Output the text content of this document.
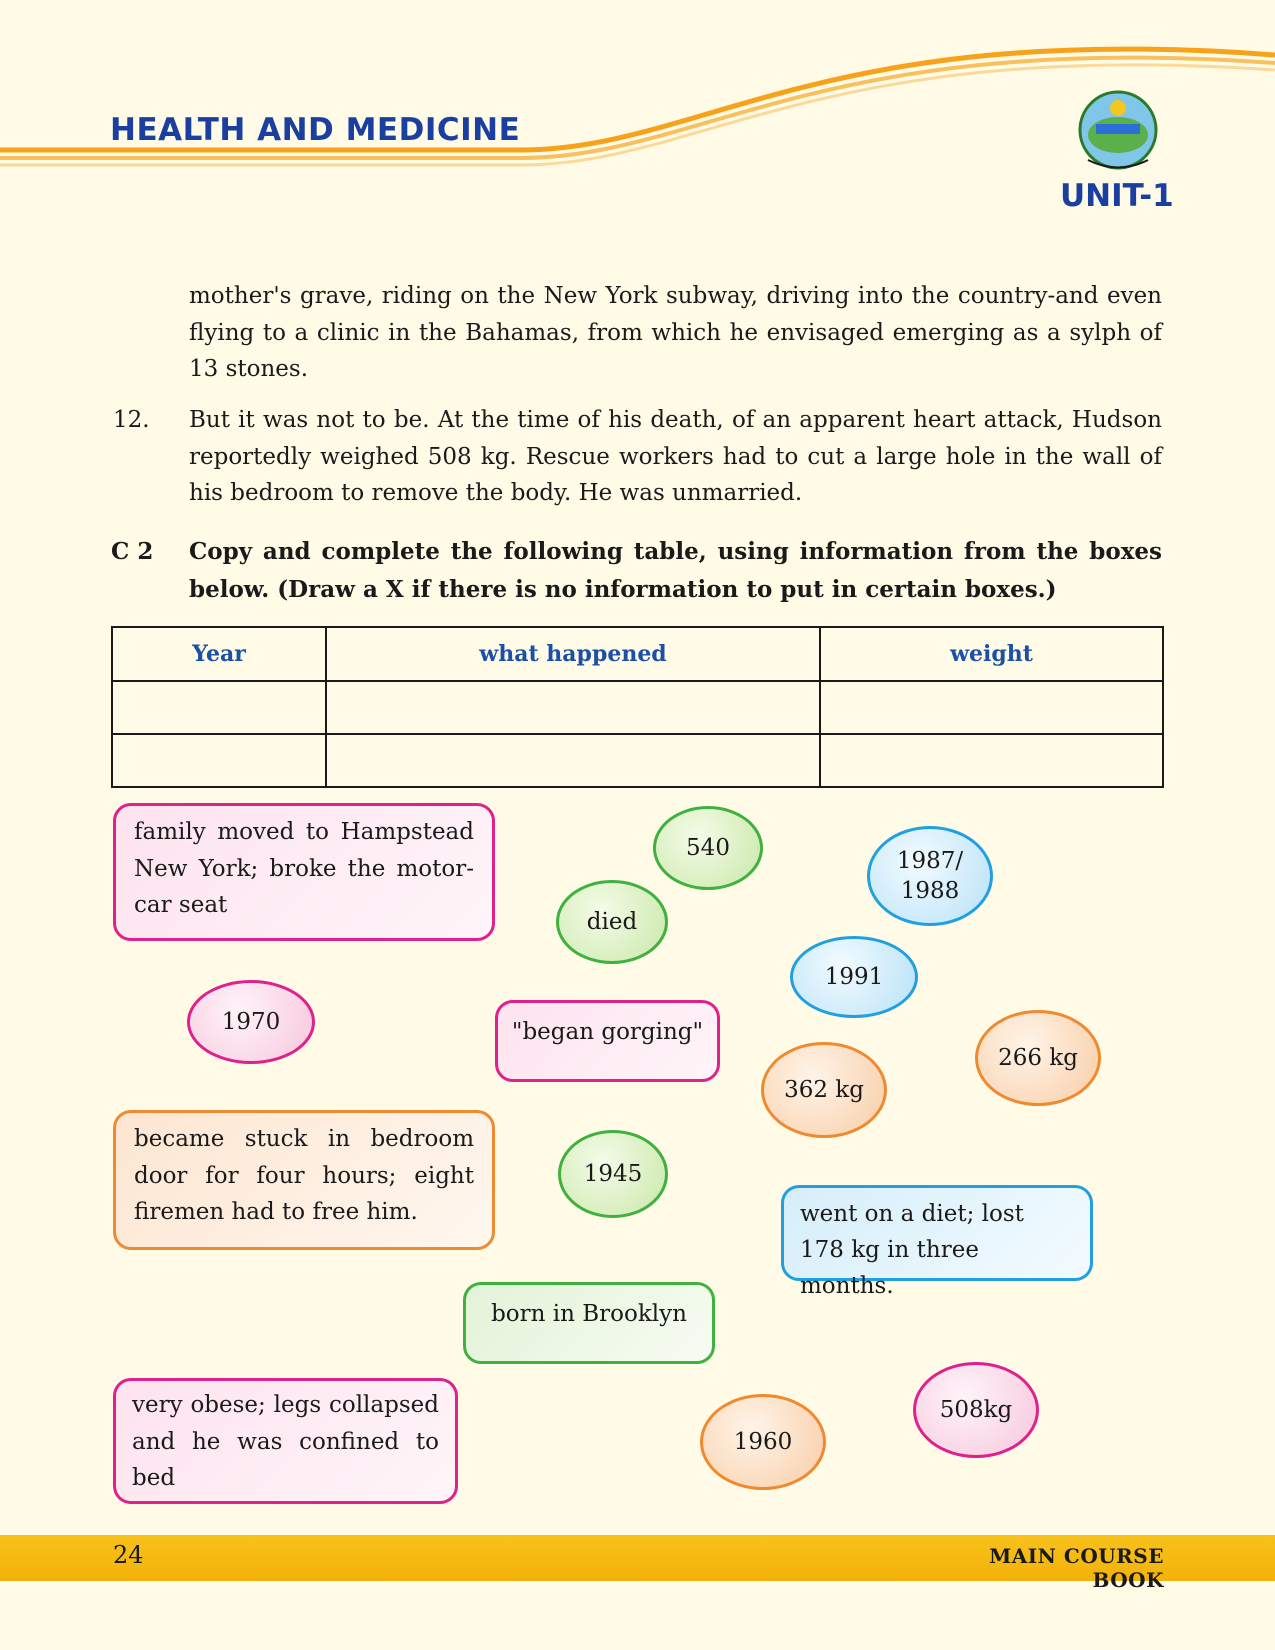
HEALTH AND MEDICINE
UNIT-1
mother's grave, riding on the New York subway, driving into the country-and even flying to a clinic in the Bahamas, from which he envisaged emerging as a sylph of 13 stones.
12. But it was not to be. At the time of his death, of an apparent heart attack, Hudson reportedly weighed 508 kg. Rescue workers had to cut a large hole in the wall of his bedroom to remove the body. He was unmarried.
C 2 Copy and complete the following table, using information from the boxes below. (Draw a X if there is no information to put in certain boxes.)
Year	what happened	weight

family moved to Hampstead New York; broke the motor-car seat
"began gorging"
became stuck in bedroom door for four hours; eight firemen had to free him.	went on a diet; lost 178 kg in three months.
born in Brooklyn
very obese; legs collapsed and he was confined to bed
540
died
1987/ 1988
1991
1970
266 kg
362 kg
1945
508kg
1960
24	MAIN COURSE BOOK
